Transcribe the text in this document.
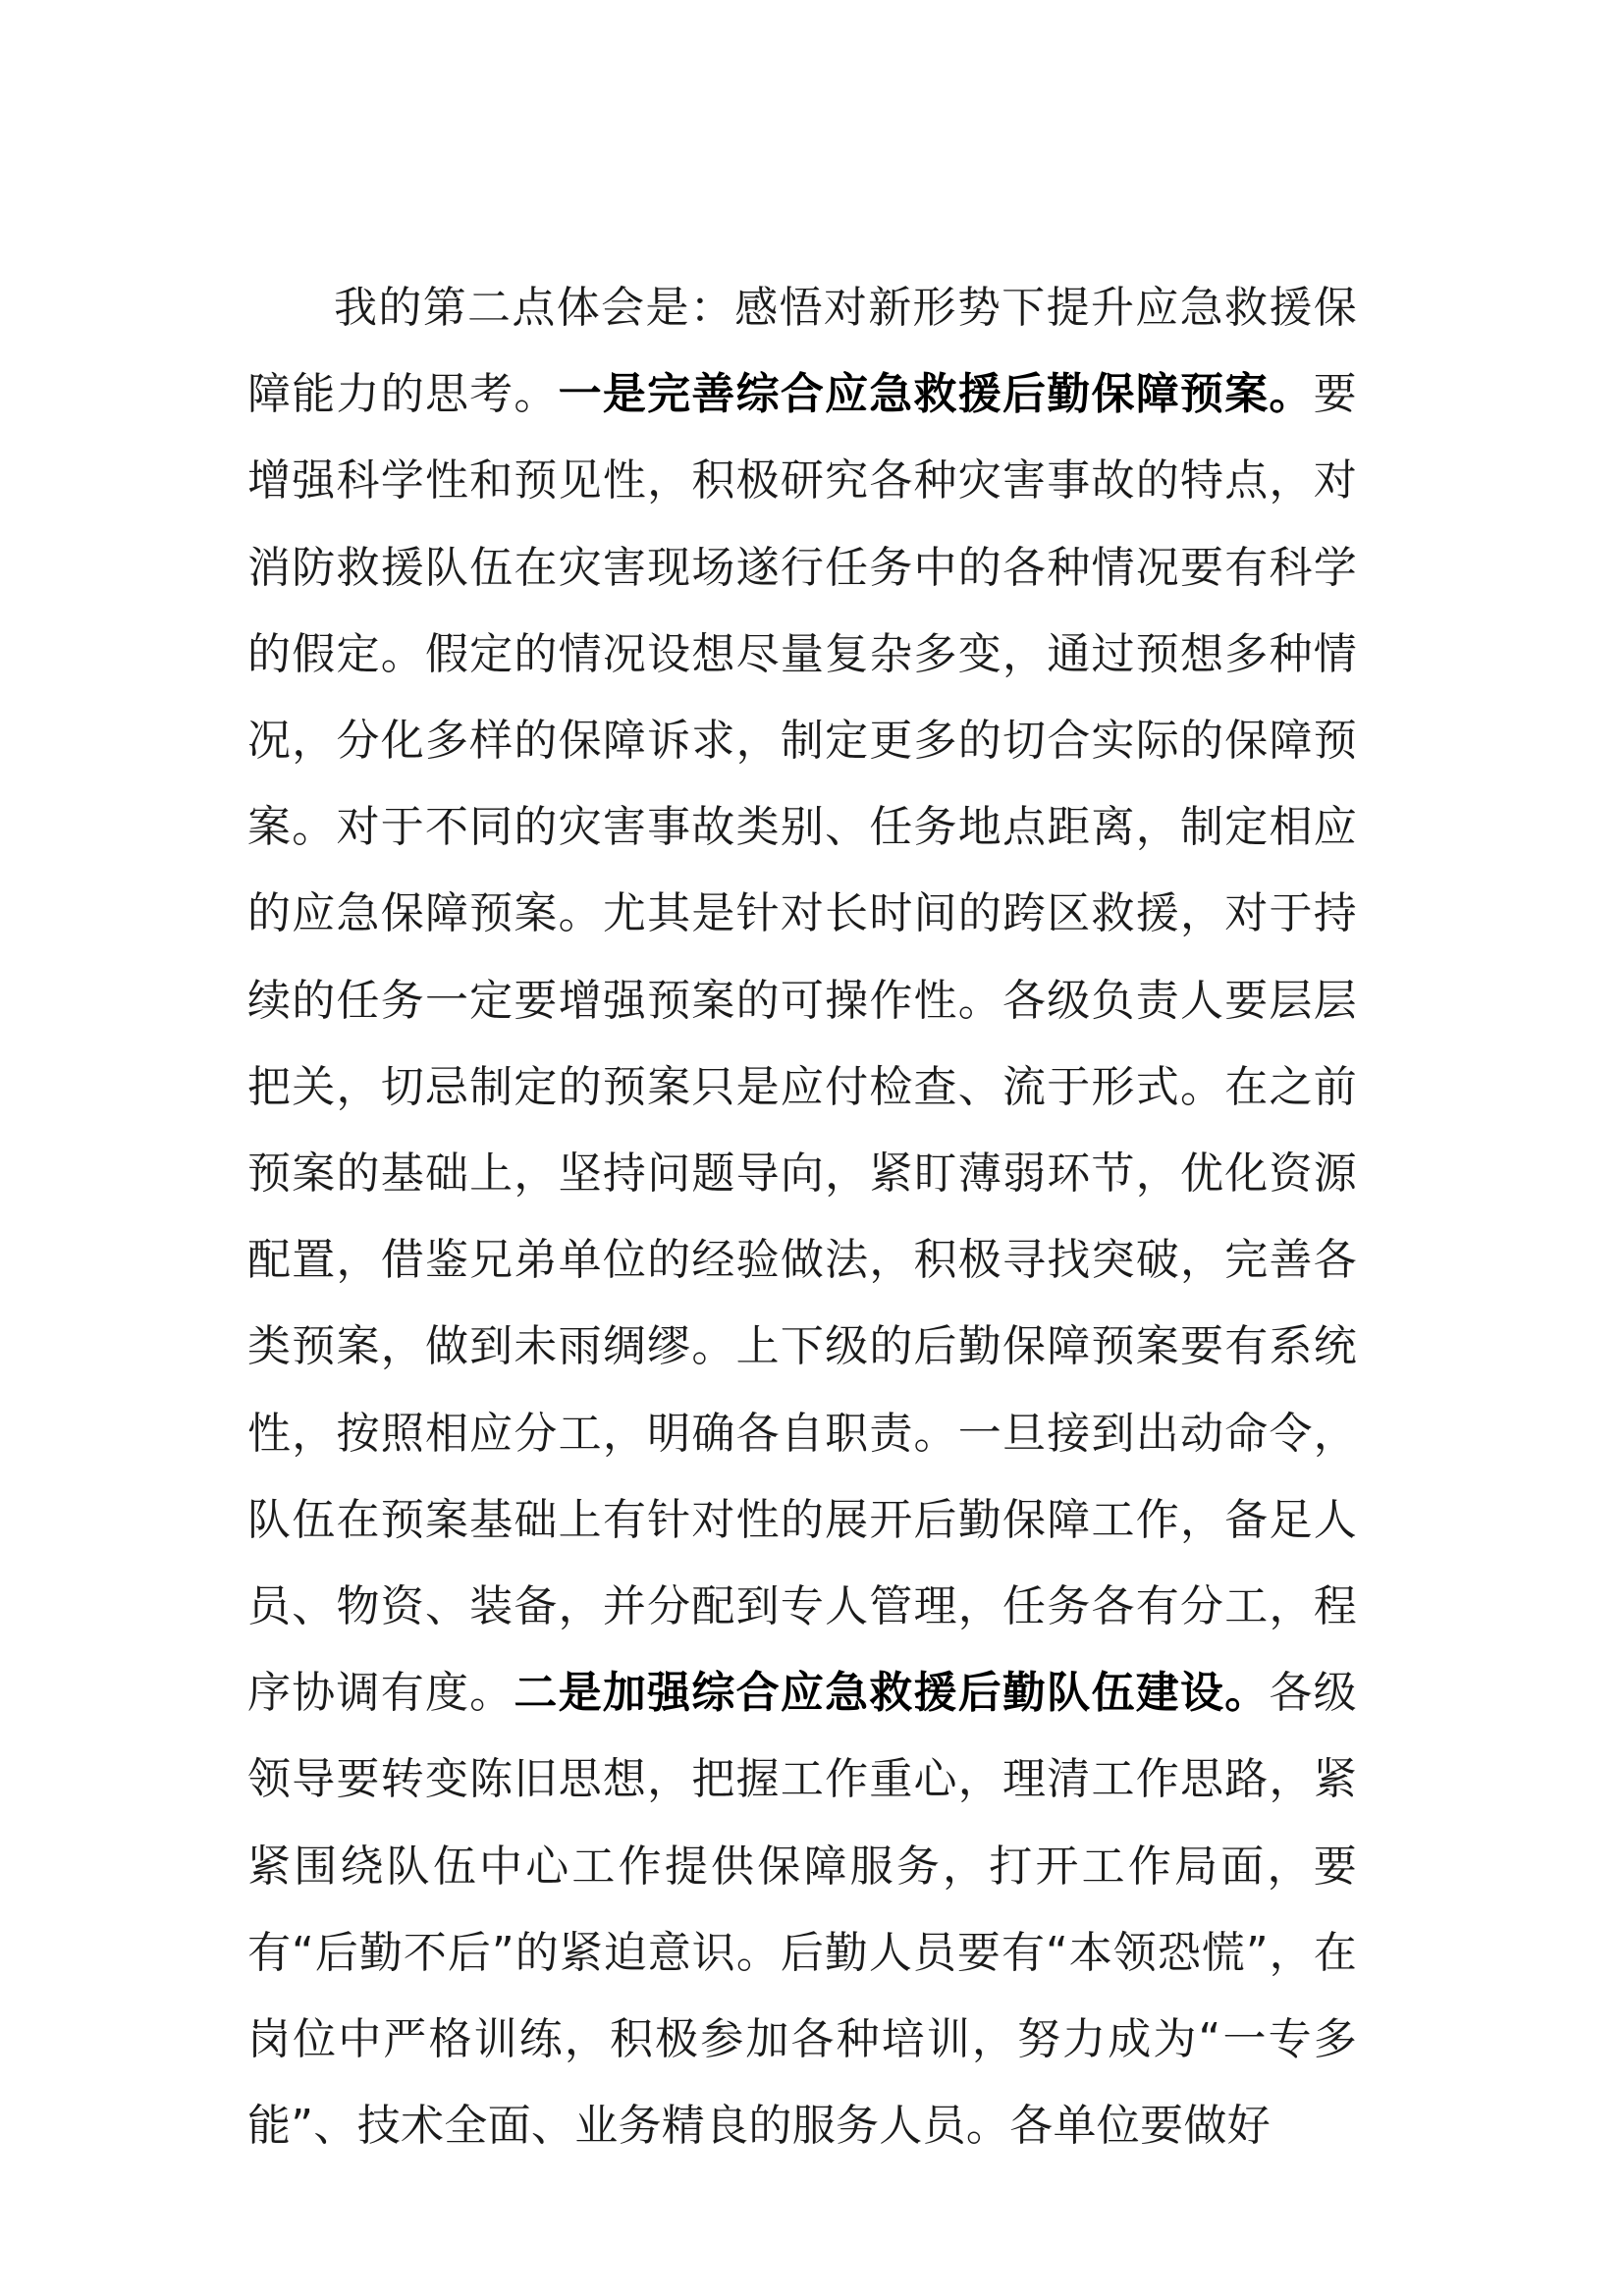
我的第二点体会是：感悟对新形势下提升应急救援保障能力的思考。一是完善综合应急救援后勤保障预案。要增强科学性和预见性，积极研究各种灾害事故的特点，对消防救援队伍在灾害现场遂行任务中的各种情况要有科学的假定。假定的情况设想尽量复杂多变，通过预想多种情况，分化多样的保障诉求，制定更多的切合实际的保障预案。对于不同的灾害事故类别、任务地点距离，制定相应的应急保障预案。尤其是针对长时间的跨区救援，对于持续的任务一定要增强预案的可操作性。各级负责人要层层把关，切忌制定的预案只是应付检查、流于形式。在之前预案的基础上，坚持问题导向，紧盯薄弱环节，优化资源配置，借鉴兄弟单位的经验做法，积极寻找突破，完善各类预案，做到未雨绸缪。上下级的后勤保障预案要有系统性，按照相应分工，明确各自职责。一旦接到出动命令，队伍在预案基础上有针对性的展开后勤保障工作，备足人员、物资、装备，并分配到专人管理，任务各有分工，程序协调有度。二是加强综合应急救援后勤队伍建设。各级领导要转变陈旧思想，把握工作重心，理清工作思路，紧紧围绕队伍中心工作提供保障服务，打开工作局面，要有“后勤不后”的紧迫意识。后勤人员要有“本领恐慌”，在岗位中严格训练，积极参加各种培训，努力成为“一专多能”、技术全面、业务精良的服务人员。各单位要做好
